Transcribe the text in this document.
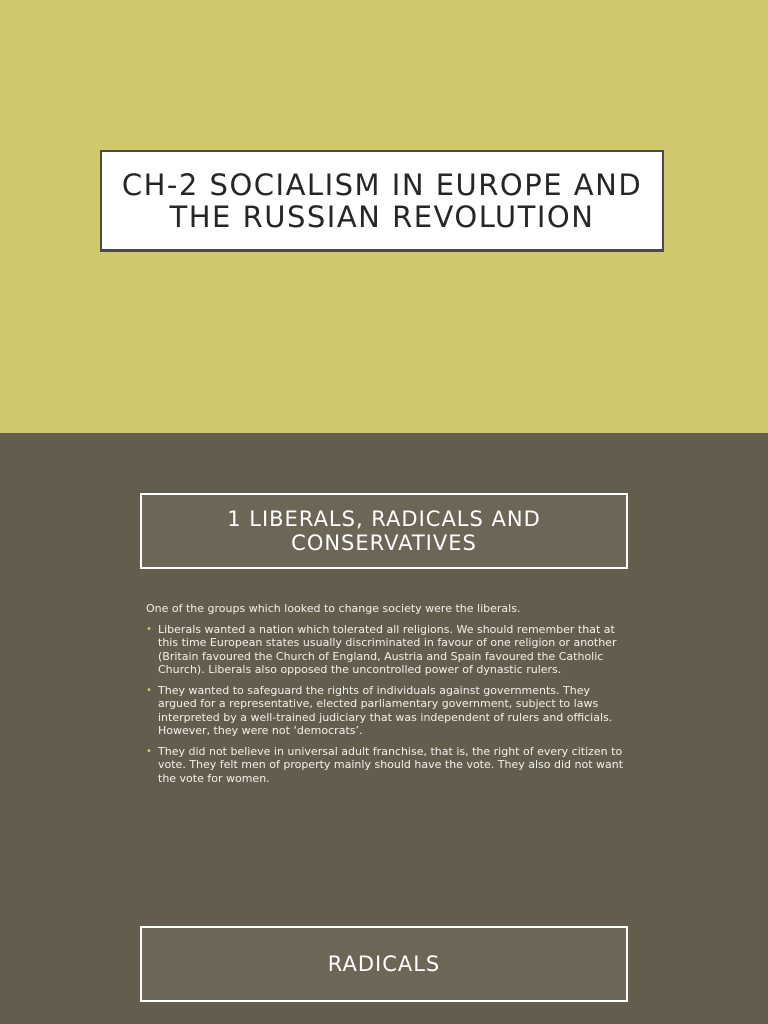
CH-2 SOCIALISM IN EUROPE AND THE RUSSIAN REVOLUTION
1 LIBERALS, RADICALS AND CONSERVATIVES

One of the groups which looked to change society were the liberals.

• Liberals wanted a nation which tolerated all religions. We should remember that at this time European states usually discriminated in favour of one religion or another (Britain favoured the Church of England, Austria and Spain favoured the Catholic Church). Liberals also opposed the uncontrolled power of dynastic rulers.
• They wanted to safeguard the rights of individuals against governments. They argued for a representative, elected parliamentary government, subject to laws interpreted by a well-trained judiciary that was independent of rulers and officials. However, they were not ‘democrats’.
• They did not believe in universal adult franchise, that is, the right of every citizen to vote. They felt men of property mainly should have the vote. They also did not want the vote for women.
RADICALS
